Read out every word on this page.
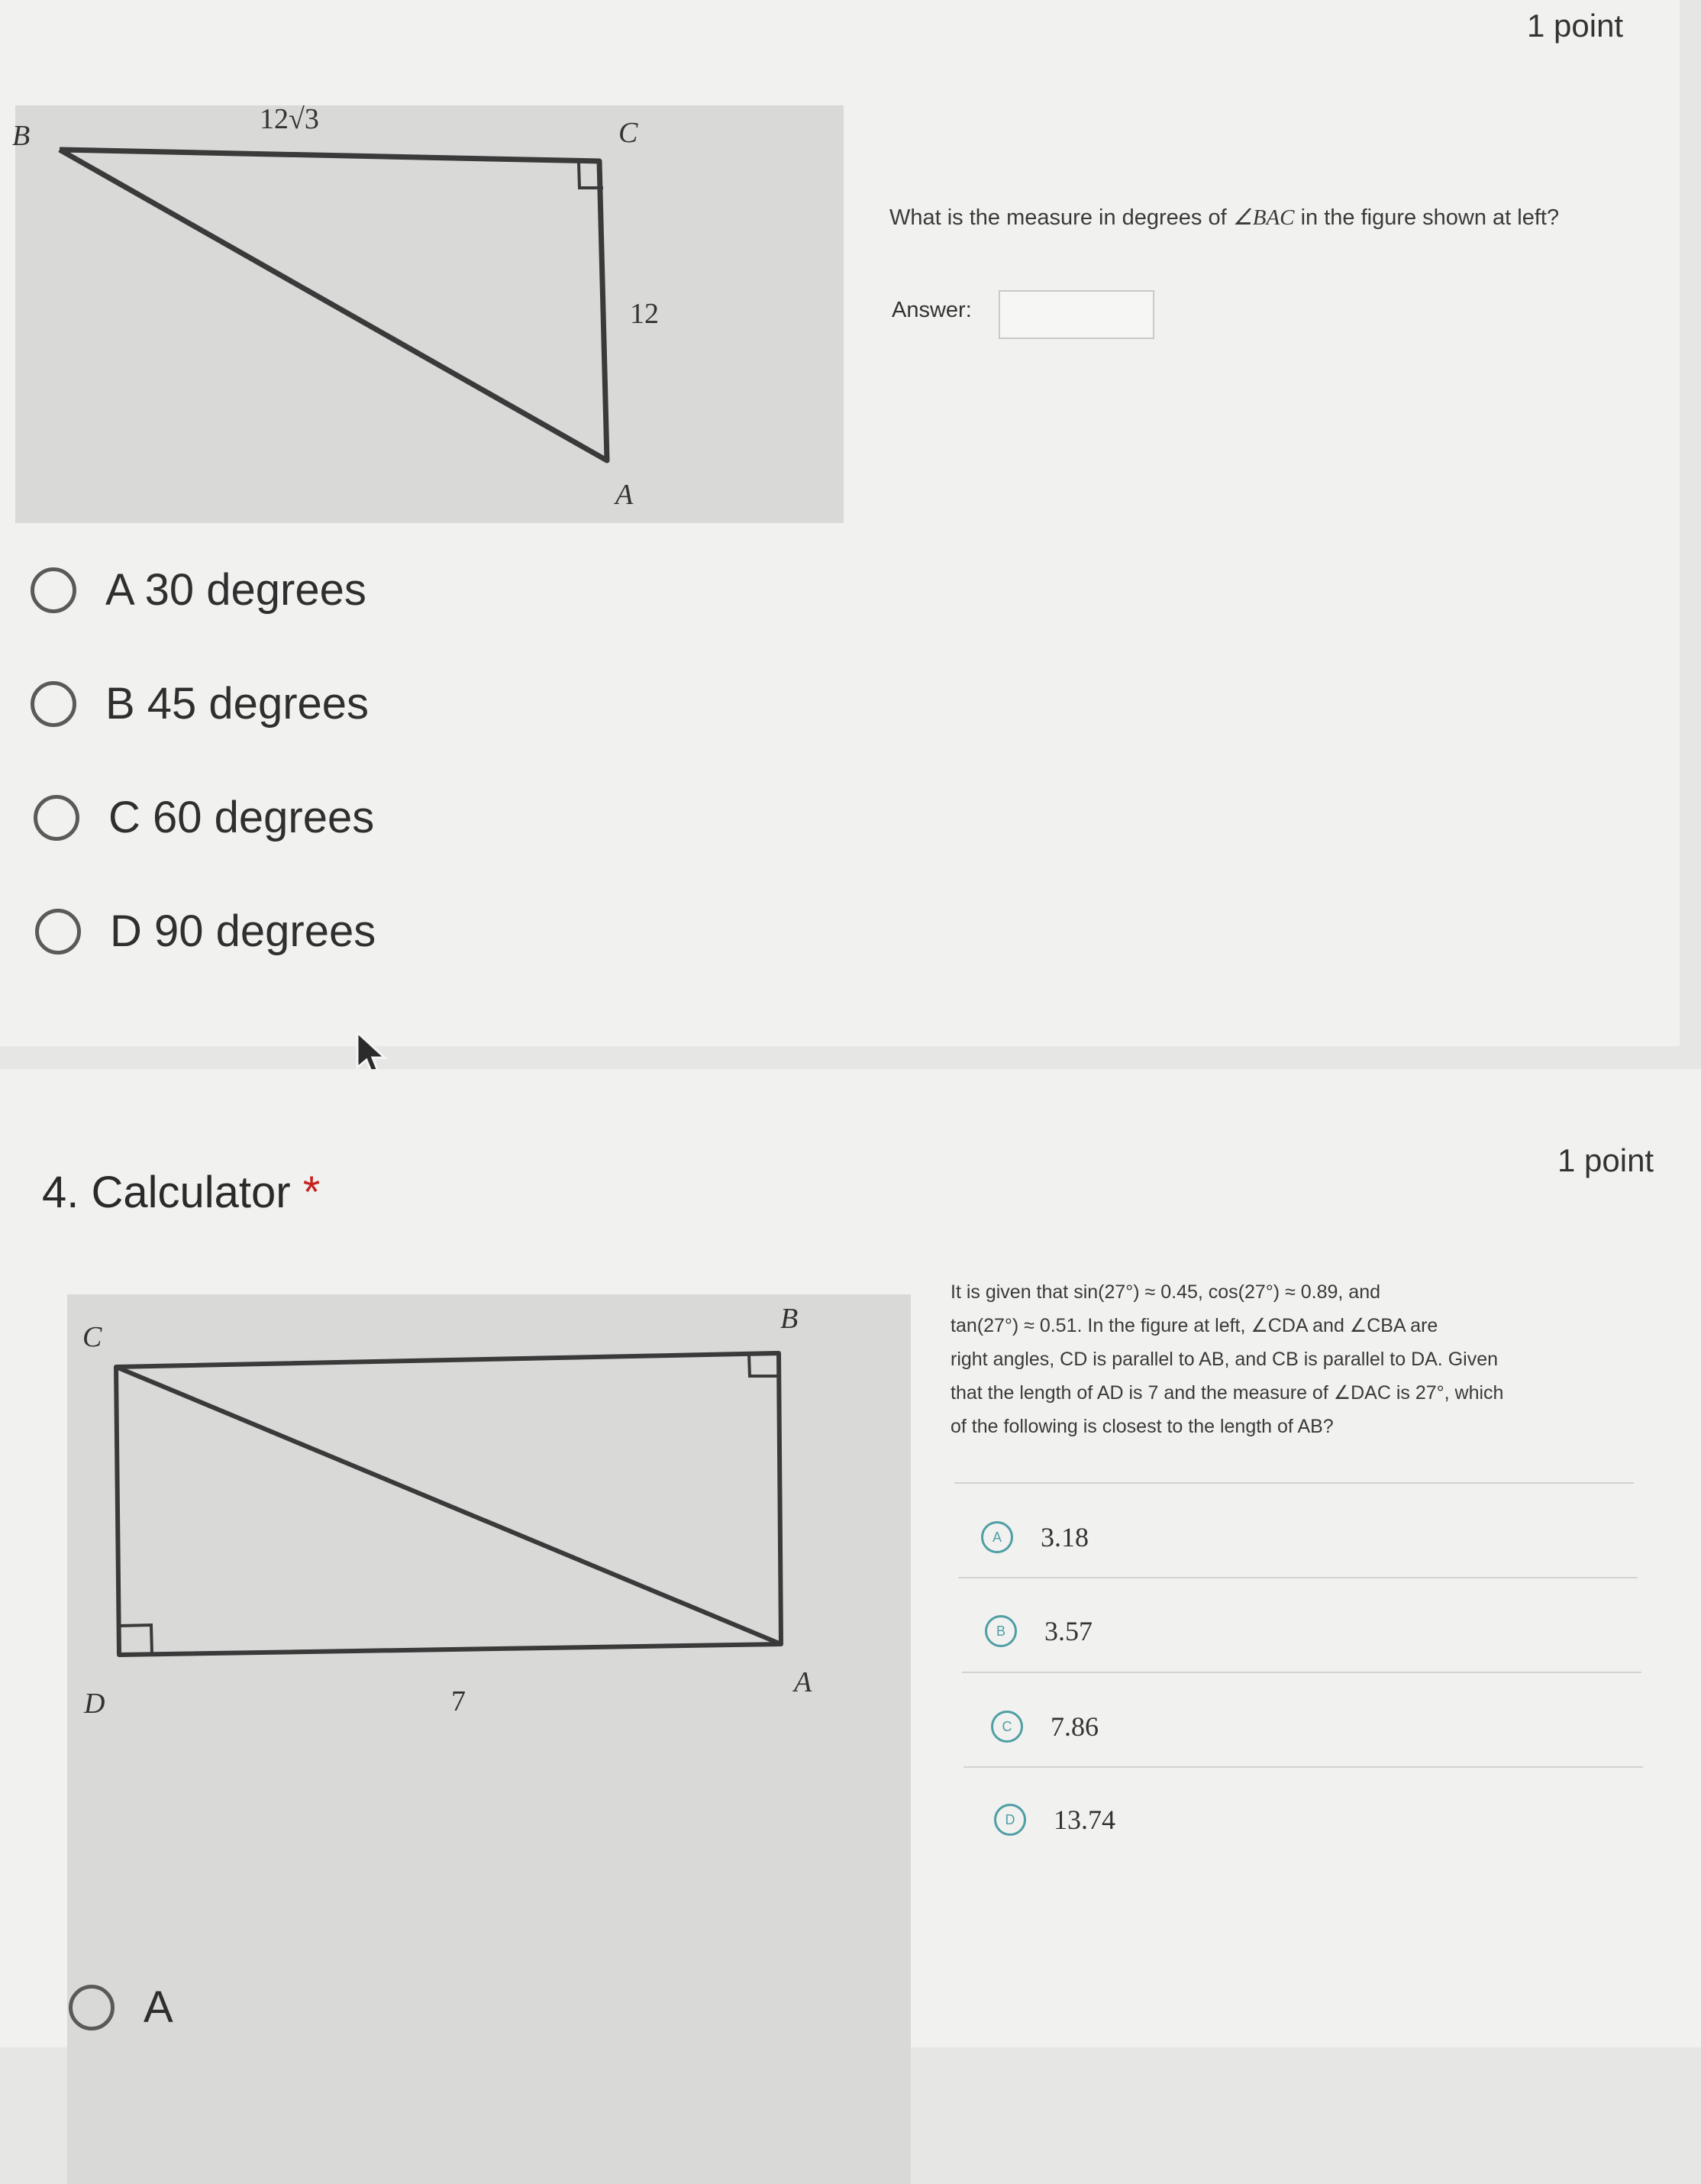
1 point
B	C
A
12√3
12
What is the measure in degrees of ∠BAC in the figure shown at left?
Answer:
A 30 degrees
B 45 degrees
C 60 degrees
D 90 degrees
4. Calculator *
1 point
C
B
D
A
7
It is given that sin(27°) ≈ 0.45, cos(27°) ≈ 0.89, and
tan(27°) ≈ 0.51. In the figure at left, ∠CDA and ∠CBA are
right angles, CD is parallel to AB, and CB is parallel to DA. Given
that the length of AD is 7 and the measure of ∠DAC is 27°, which
of the following is closest to the length of AB?
A	3.18
B	3.57
C	7.86
D	13.74
A
